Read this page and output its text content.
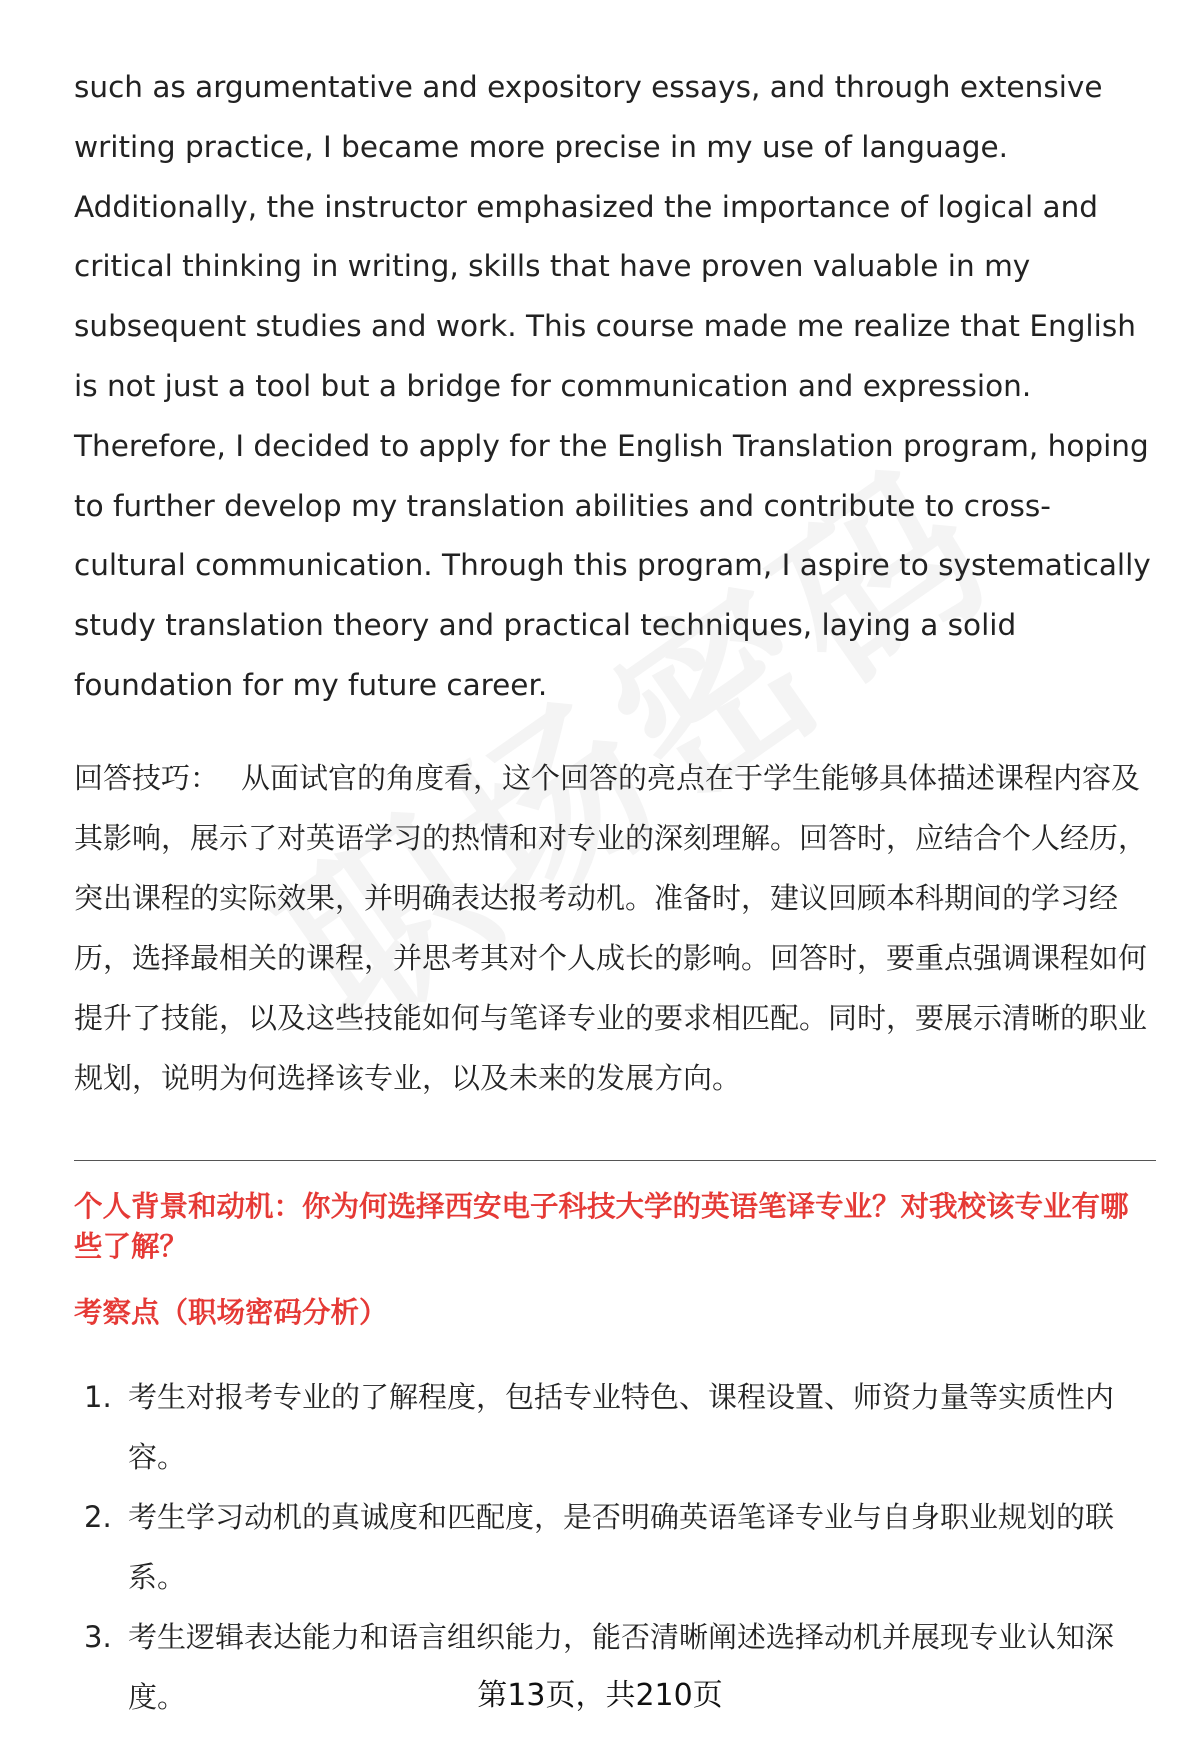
such as argumentative and expository essays, and through extensive writing practice, I became more precise in my use of language. Additionally, the instructor emphasized the importance of logical and critical thinking in writing, skills that have proven valuable in my subsequent studies and work. This course made me realize that English is not just a tool but a bridge for communication and expression. Therefore, I decided to apply for the English Translation program, hoping to further develop my translation abilities and contribute to cross-cultural communication. Through this program, I aspire to systematically study translation theory and practical techniques, laying a solid foundation for my future career.

回答技巧： 从面试官的角度看，这个回答的亮点在于学生能够具体描述课程内容及其影响，展示了对英语学习的热情和对专业的深刻理解。回答时，应结合个人经历，突出课程的实际效果，并明确表达报考动机。准备时，建议回顾本科期间的学习经历，选择最相关的课程，并思考其对个人成长的影响。回答时，要重点强调课程如何提升了技能，以及这些技能如何与笔译专业的要求相匹配。同时，要展示清晰的职业规划，说明为何选择该专业，以及未来的发展方向。

个人背景和动机：你为何选择西安电子科技大学的英语笔译专业？对我校该专业有哪些了解？

考察点（职场密码分析）

1. 考生对报考专业的了解程度，包括专业特色、课程设置、师资力量等实质性内容。
2. 考生学习动机的真诚度和匹配度，是否明确英语笔译专业与自身职业规划的联系。
3. 考生逻辑表达能力和语言组织能力，能否清晰阐述选择动机并展现专业认知深度。	第13页，共210页
